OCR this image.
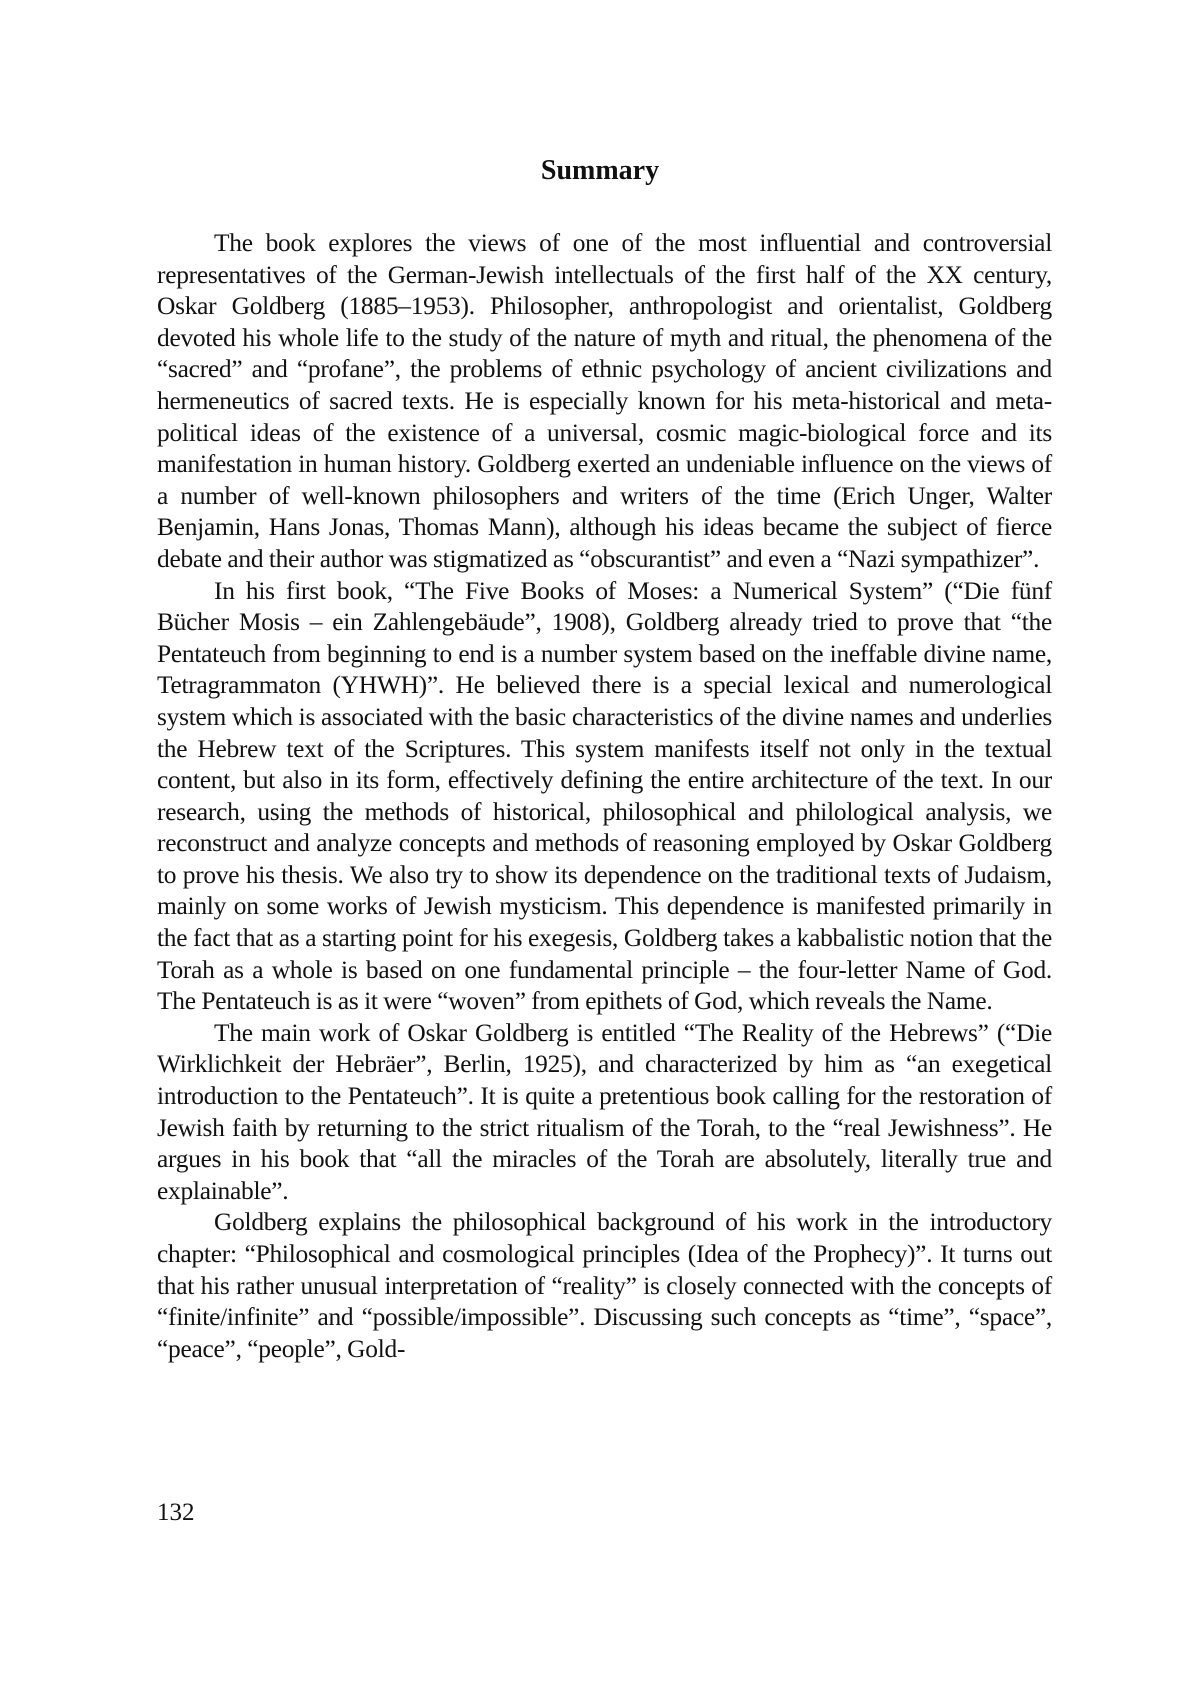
Summary

The book explores the views of one of the most influential and controversial representatives of the German-Jewish intellectuals of the first half of the XX century, Oskar Goldberg (1885–1953). Philosopher, anthropologist and orientalist, Goldberg devoted his whole life to the study of the nature of myth and ritual, the phenomena of the “sacred” and “profane”, the problems of ethnic psychology of ancient civilizations and hermeneutics of sacred texts. He is especially known for his meta-historical and meta-political ideas of the existence of a universal, cosmic magic-biological force and its manifestation in human history. Goldberg exerted an undeniable influence on the views of a number of well-known philosophers and writers of the time (Erich Unger, Walter Benjamin, Hans Jonas, Thomas Mann), although his ideas became the subject of fierce debate and their author was stigmatized as “obscurantist” and even a “Nazi sympathizer”.

In his first book, “The Five Books of Moses: a Numerical System” (“Die fünf Bücher Mosis – ein Zahlengebäude”, 1908), Goldberg already tried to prove that “the Pentateuch from beginning to end is a number system based on the ineffable divine name, Tetragrammaton (YHWH)”. He believed there is a special lexical and numerological system which is associated with the basic characteristics of the divine names and underlies the Hebrew text of the Scriptures. This system manifests itself not only in the textual content, but also in its form, effectively defining the entire architecture of the text. In our research, using the methods of historical, philosophical and philological analysis, we reconstruct and analyze concepts and methods of reasoning employed by Oskar Goldberg to prove his thesis. We also try to show its dependence on the traditional texts of Judaism, mainly on some works of Jewish mysticism. This dependence is manifested primarily in the fact that as a starting point for his exegesis, Goldberg takes a kabbalistic notion that the Torah as a whole is based on one fundamental principle – the four-letter Name of God. The Pentateuch is as it were “woven” from epithets of God, which reveals the Name.

The main work of Oskar Goldberg is entitled “The Reality of the Hebrews” (“Die Wirklichkeit der Hebräer”, Berlin, 1925), and characterized by him as “an exegetical introduction to the Pentateuch”. It is quite a pretentious book calling for the restoration of Jewish faith by returning to the strict ritualism of the Torah, to the “real Jewishness”. He argues in his book that “all the miracles of the Torah are absolutely, literally true and explainable”.

Goldberg explains the philosophical background of his work in the introductory chapter: “Philosophical and cosmological principles (Idea of the Prophecy)”. It turns out that his rather unusual interpretation of “reality” is closely connected with the concepts of “finite/infinite” and “possible/impossible”. Discussing such concepts as “time”, “space”, “peace”, “people”, Gold-

132
